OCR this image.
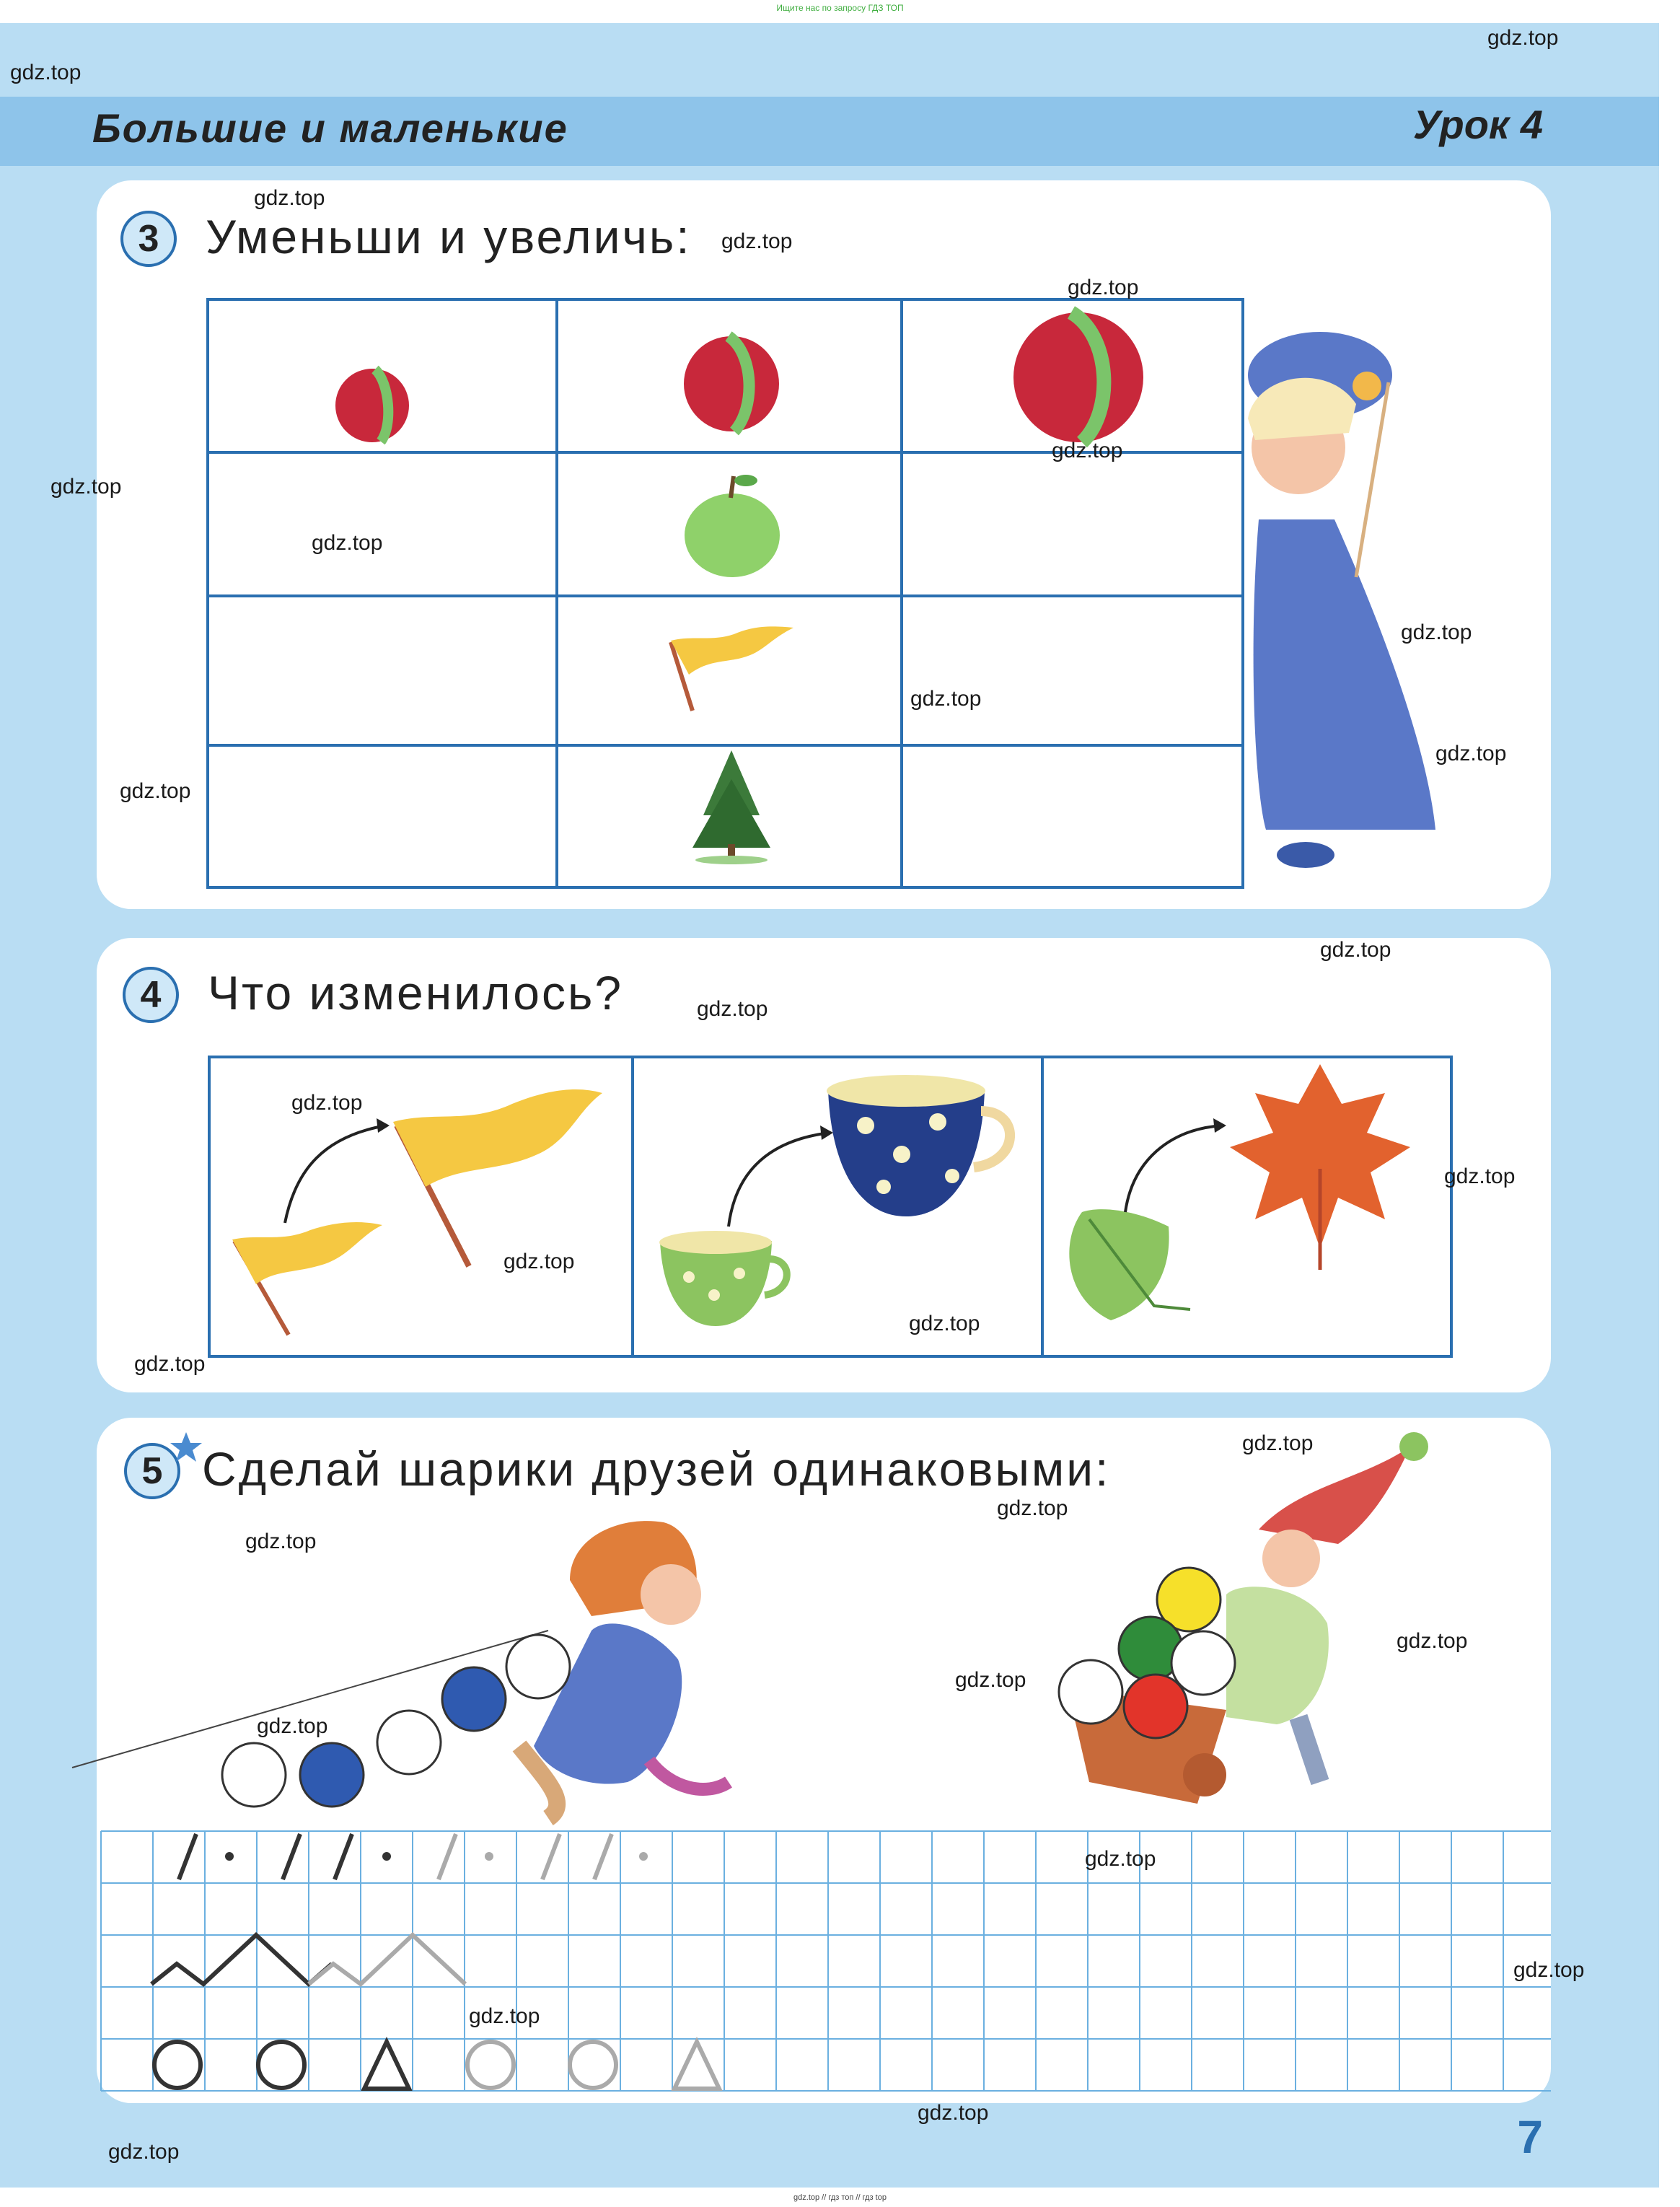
Ищите нас по запросу ГДЗ ТОП
Большие и маленькие	Урок 4
3 Уменьши и увеличь:
4 Что изменилось?
5 Сделай шарики друзей одинаковыми:
gdz.top
gdz.top
gdz.top
gdz.top
gdz.top
gdz.top
gdz.top
gdz.top
gdz.top
gdz.top
gdz.top
gdz.top
gdz.top
gdz.top
gdz.top
gdz.top
gdz.top
gdz.top
gdz.top
gdz.top
gdz.top
gdz.top
gdz.top
gdz.top
gdz.top
gdz.top
gdz.top
gdz.top
gdz.top
gdz.top	7
gdz.top // гдз топ // гдз top
